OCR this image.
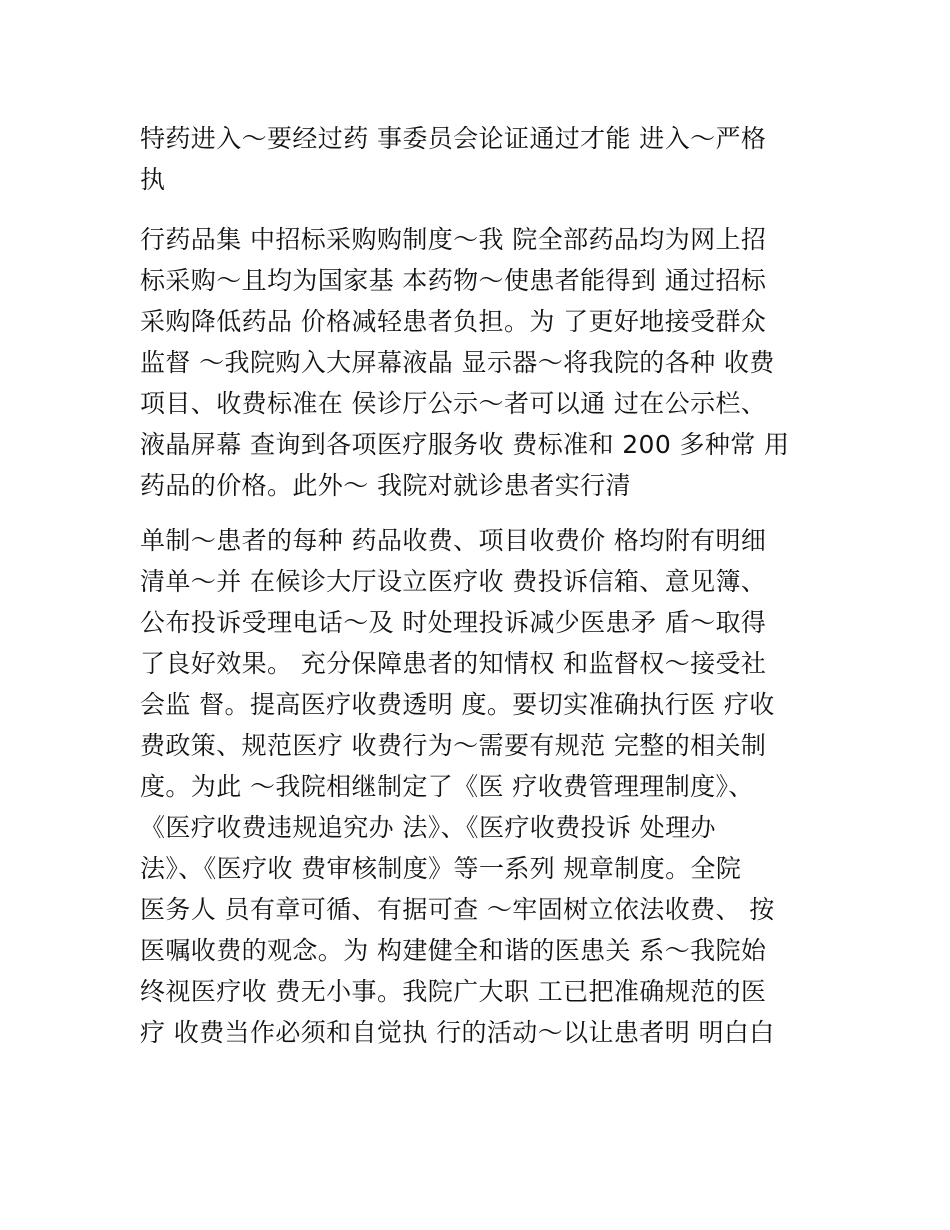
特药进入～要经过药 事委员会论证通过才能 进入～严格
执
行药品集 中招标采购购制度～我 院全部药品均为网上招
标采购～且均为国家基 本药物～使患者能得到 通过招标
采购降低药品 价格减轻患者负担。为 了更好地接受群众
监督 ～我院购入大屏幕液晶 显示器～将我院的各种 收费
项目、收费标准在 侯诊厅公示～者可以通 过在公示栏、
液晶屏幕 查询到各项医疗服务收 费标准和 200 多种常 用
药品的价格。此外～ 我院对就诊患者实行清
单制～患者的每种 药品收费、项目收费价 格均附有明细
清单～并 在候诊大厅设立医疗收 费投诉信箱、意见簿、
公布投诉受理电话～及 时处理投诉减少医患矛 盾～取得
了良好效果。 充分保障患者的知情权 和监督权～接受社
会监 督。提高医疗收费透明 度。要切实准确执行医 疗收
费政策、规范医疗 收费行为～需要有规范 完整的相关制
度。为此 ～我院相继制定了《医 疗收费管理理制度》、
《医疗收费违规追究办 法》、《医疗收费投诉 处理办
法》、《医疗收 费审核制度》等一系列 规章制度。全院
医务人 员有章可循、有据可查 ～牢固树立依法收费、 按
医嘱收费的观念。为 构建健全和谐的医患关 系～我院始
终视医疗收 费无小事。我院广大职 工已把准确规范的医
疗 收费当作必须和自觉执 行的活动～以让患者明 明白白
